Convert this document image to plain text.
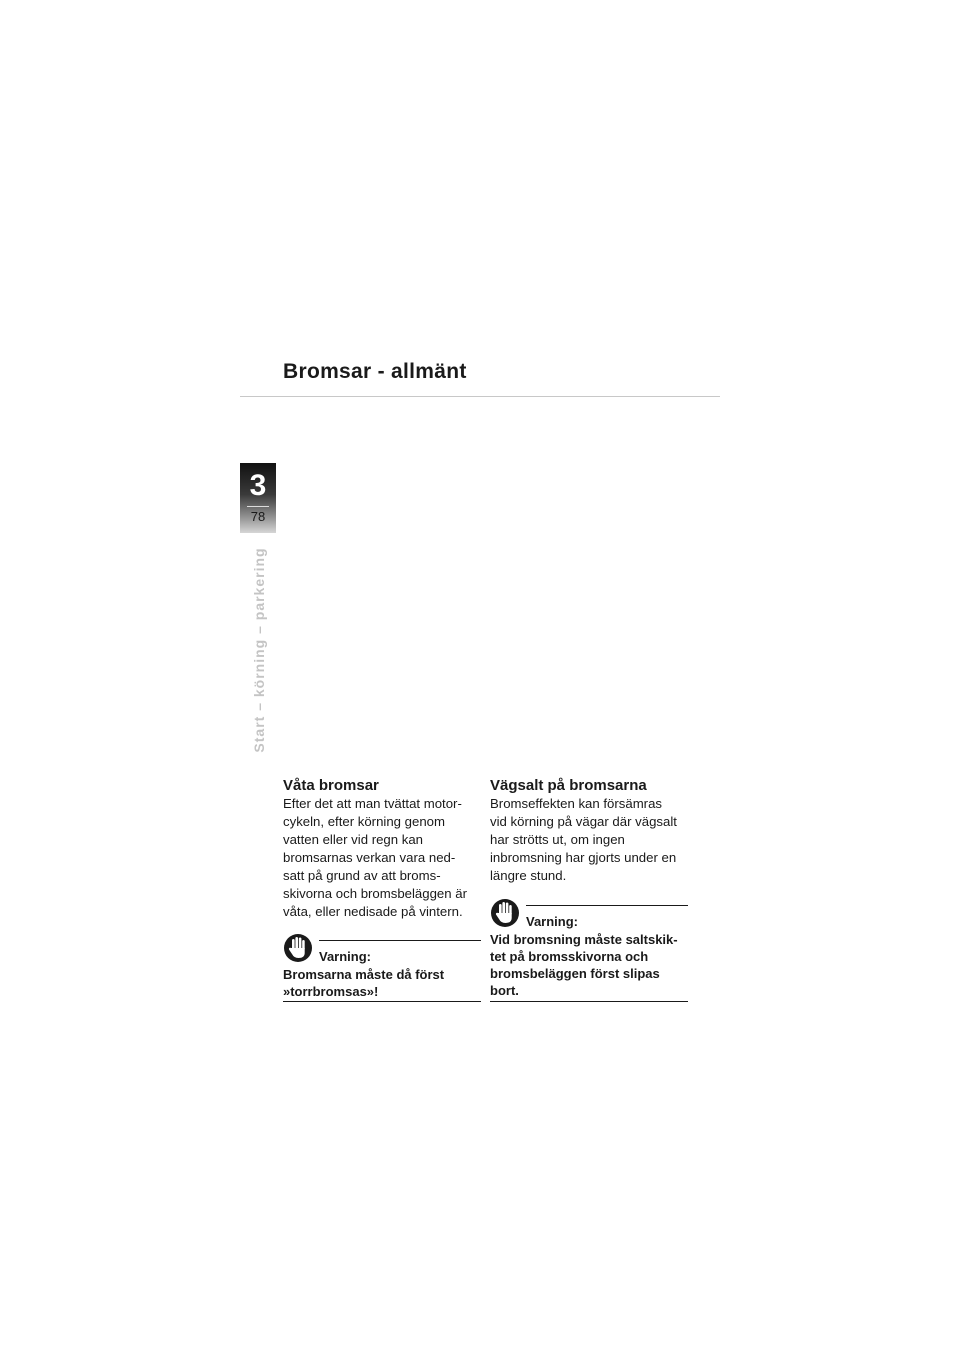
Bromsar - allmänt
3
78
Start – körning – parkering
Våta bromsar
Efter det att man tvättat motor-
cykeln, efter körning genom
vatten eller vid regn kan
bromsarnas verkan vara ned-
satt på grund av att broms-
skivorna och bromsbeläggen är
våta, eller nedisade på vintern.
Varning:
Bromsarna måste då först
»torrbromsas»!
Vägsalt på bromsarna
Bromseffekten kan försämras
vid körning på vägar där vägsalt
har strötts ut, om ingen
inbromsning har gjorts under en
längre stund.
Varning:
Vid bromsning måste saltskik-
tet på bromsskivorna och
bromsbeläggen först slipas
bort.
